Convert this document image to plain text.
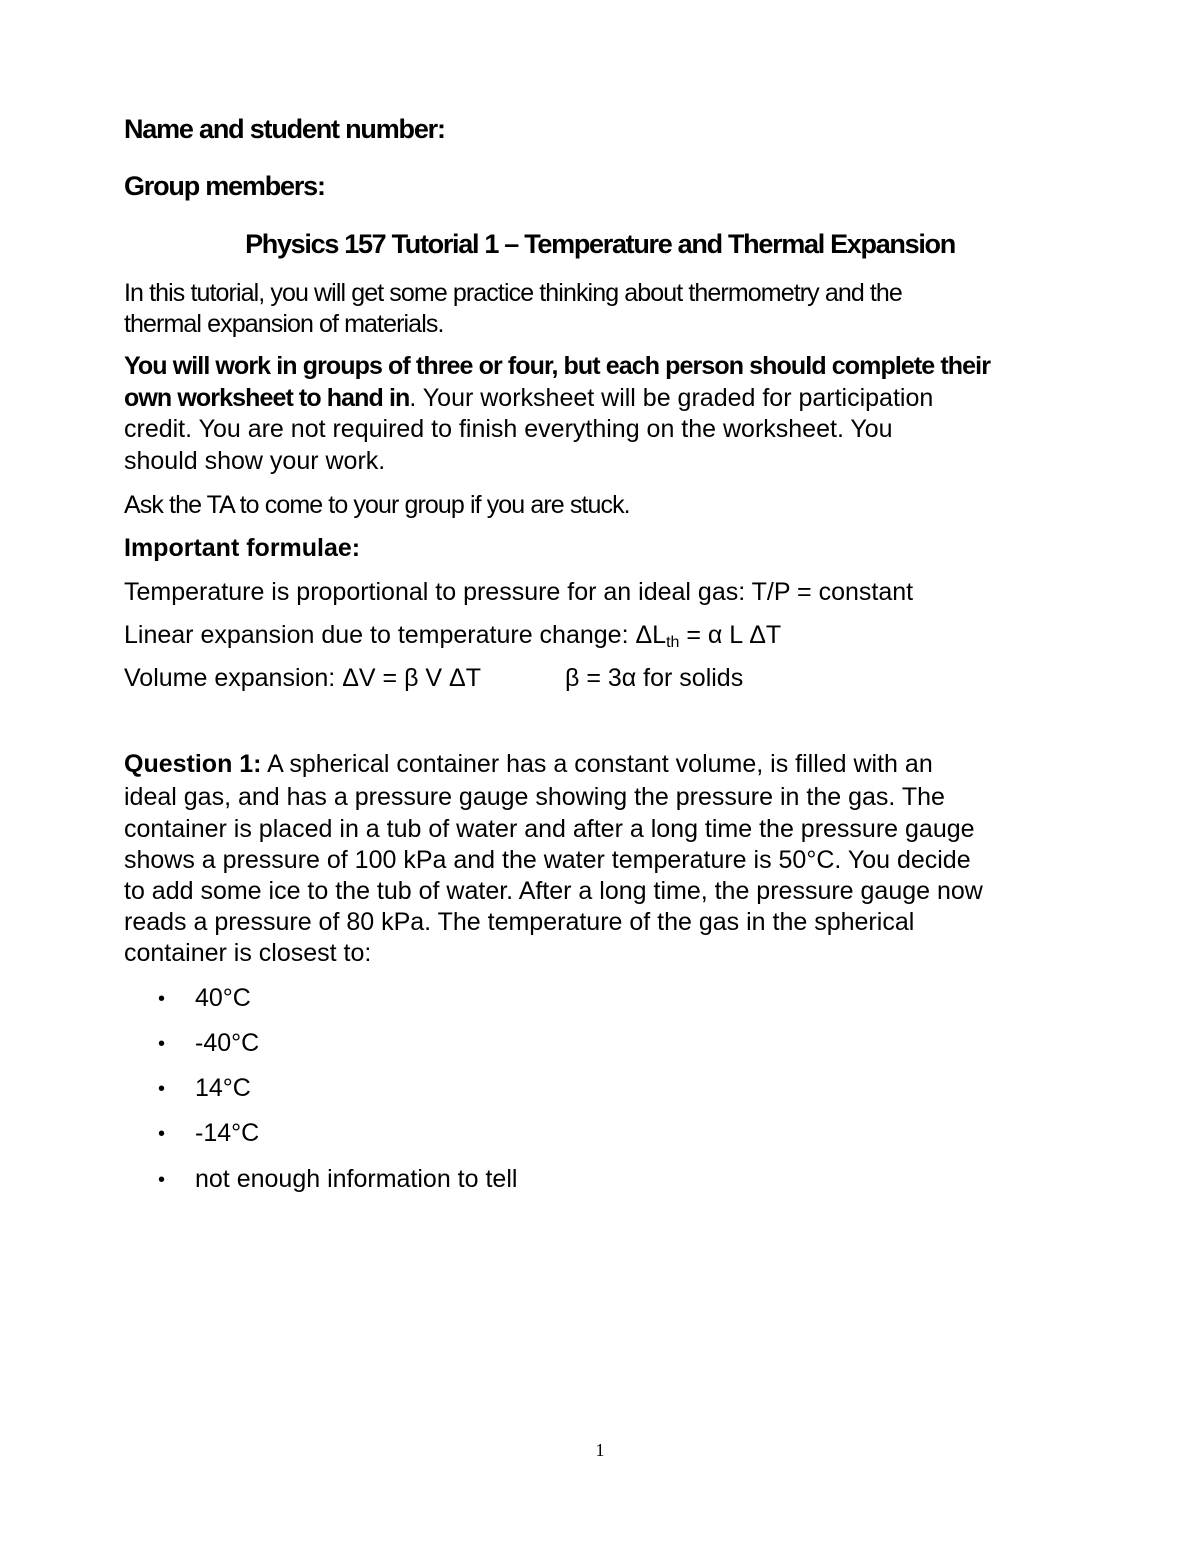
Name and student number:
Group members:
Physics 157 Tutorial 1 – Temperature and Thermal Expansion
In this tutorial, you will get some practice thinking about thermometry and the
thermal expansion of materials.
You will work in groups of three or four, but each person should complete their
own worksheet to hand in. Your worksheet will be graded for participation
credit. You are not required to finish everything on the worksheet. You
should show your work.
Ask the TA to come to your group if you are stuck.
Important formulae:
Temperature is proportional to pressure for an ideal gas: T/P = constant
Linear expansion due to temperature change: $\Delta L_{th} = \alpha$ L ΔT
Volume expansion: ΔV = β V ΔT	β = 3α for solids
Question 1: A spherical container has a constant volume, is filled with an
ideal gas, and has a pressure gauge showing the pressure in the gas. The
container is placed in a tub of water and after a long time the pressure gauge
shows a pressure of 100 kPa and the water temperature is 50°C. You decide
to add some ice to the tub of water. After a long time, the pressure gauge now
reads a pressure of 80 kPa. The temperature of the gas in the spherical
container is closest to:
• 40°C
• -40°C
• 14°C
• -14°C
• not enough information to tell
1
